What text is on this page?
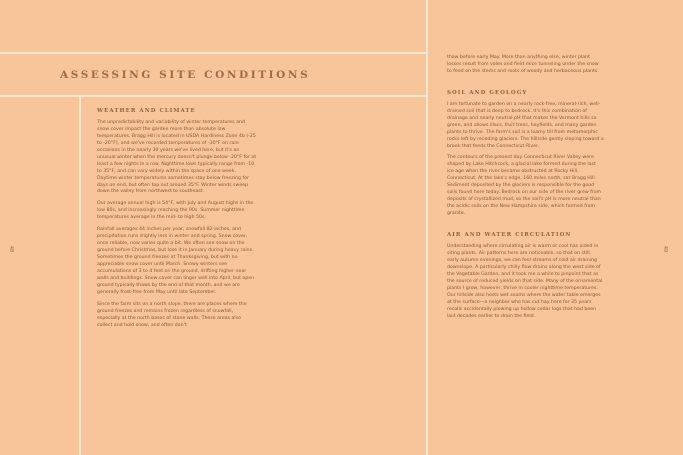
ASSESSING SITE CONDITIONS
48	49
WEATHER AND CLIMATE

The unpredictability and variability of winter temperatures and snow cover impact the garden more than absolute low temperatures. Bragg Hill is located in USDA Hardiness Zone 4b (-25 to -20°F), and we've recorded temperatures of -30°F on rare occasions in the nearly 30 years we've lived here, but it's an unusual winter when the mercury doesn't plunge below -20°F for at least a few nights in a row. Nighttime lows typically range from -10 to 35°F, and can vary widely within the space of one week. Daytime winter temperatures sometimes stay below freezing for days on end, but often top out around 35°F. Winter winds sweep down the valley from northwest to southeast.

Our average annual high is 54°F, with July and August highs in the low 80s, and increasingly reaching the 90s. Summer nighttime temperatures average in the mid- to high 50s.

Rainfall averages 44 inches per year, snowfall 82 inches, and precipitation runs slightly less in winter and spring. Snow cover, once reliable, now varies quite a bit. We often see snow on the ground before Christmas, but lose it in January during heavy rains. Sometimes the ground freezes at Thanksgiving, but with no appreciable snow cover until March. Snowy winters see accumulations of 3 to 4 feet on the ground, drifting higher near walls and buildings. Snow cover can linger well into April, but open ground typically thaws by the end of that month, and we are generally frost-free from May until late September.

Since the farm sits on a north slope, there are places where the ground freezes and remains frozen regardless of snowfall, especially at the north bases of stone walls. These areas also collect and hold snow, and often don't

thaw before early May. More than anything else, winter plant losses result from voles and field mice tunneling under the snow to feed on the stems and roots of woody and herbaceous plants.

SOIL AND GEOLOGY

I am fortunate to garden on a nearly rock-free, mineral-rich, well-drained soil that is deep to bedrock. It's this combination of drainage and nearly neutral pH that makes the Vermont hills so green, and allows lilacs, fruit trees, hayfields, and many garden plants to thrive. The farm's soil is a loamy till from metamorphic rocks left by receding glaciers. The hillside gently sloping toward a brook that feeds the Connecticut River.

The contours of the present day Connecticut River Valley were shaped by Lake Hitchcock, a glacial lake formed during the last ice age when the river became obstructed at Rocky Hill, Connecticut. At the lake's edge, 160 miles north, sat Bragg Hill. Sediment deposited by the glaciers is responsible for the good soils found here today. Bedrock on our side of the river grew from deposits of crystallized mud, so the soil's pH is more neutral than the acidic soils on the New Hampshire side, which formed from granite.

AIR AND WATER CIRCULATION

Understanding where circulating air is warm or cool has aided in siting plants. Air patterns here are noticeable, so that on still, early autumn evenings, we can feel streams of cold air draining downslope. A particularly chilly flow drains along the west side of the Vegetable Garden, and it took me a while to pinpoint that as the source of reduced yields on that side. Many of the ornamental plants I grow, however, thrive in cooler nighttime temperatures. Our hillside also hosts wet seams where the water table emerges at the surface—a neighbor who has cut hay here for 35 years recalls accidentally plowing up hollow cedar logs that had been laid decades earlier to drain the field.
